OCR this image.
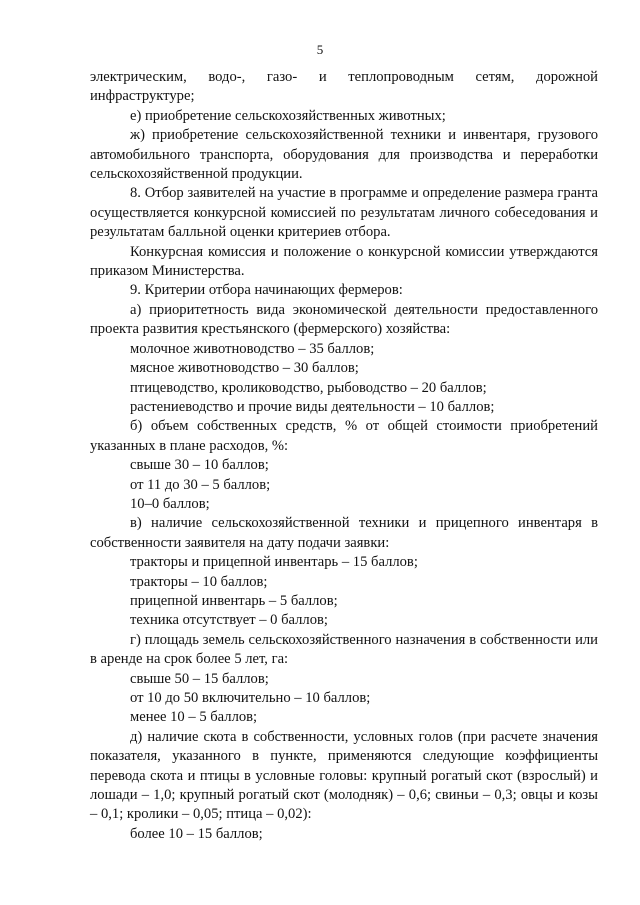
5

электрическим, водо-, газо- и теплопроводным сетям, дорожной инфраструктуре;

е) приобретение сельскохозяйственных животных;

ж) приобретение сельскохозяйственной техники и инвентаря, грузового автомобильного транспорта, оборудования для производства и переработки сельскохозяйственной продукции.

8. Отбор заявителей на участие в программе и определение размера гранта осуществляется конкурсной комиссией по результатам личного собеседования и результатам балльной оценки критериев отбора.

Конкурсная комиссия и положение о конкурсной комиссии утверждаются приказом Министерства.

9. Критерии отбора начинающих фермеров:

а) приоритетность вида экономической деятельности предоставленного проекта развития крестьянского (фермерского) хозяйства:

молочное животноводство – 35 баллов;

мясное животноводство – 30 баллов;

птицеводство, кролиководство, рыбоводство – 20 баллов;

растениеводство и прочие виды деятельности – 10 баллов;

б) объем собственных средств, % от общей стоимости приобретений указанных в плане расходов, %:

свыше 30 – 10 баллов;

от 11 до 30 – 5 баллов;

10–0 баллов;

в) наличие сельскохозяйственной техники и прицепного инвентаря в собственности заявителя на дату подачи заявки:

тракторы и прицепной инвентарь – 15 баллов;

тракторы – 10 баллов;

прицепной инвентарь – 5 баллов;

техника отсутствует – 0 баллов;

г) площадь земель сельскохозяйственного назначения в собственности или в аренде на срок более 5 лет, га:

свыше 50 – 15 баллов;

от 10 до 50 включительно – 10 баллов;

менее 10 – 5 баллов;

д) наличие скота в собственности, условных голов (при расчете значения показателя, указанного в пункте, применяются следующие коэффициенты перевода скота и птицы в условные головы: крупный рогатый скот (взрослый) и лошади – 1,0; крупный рогатый скот (молодняк) – 0,6; свиньи – 0,3; овцы и козы – 0,1; кролики – 0,05; птица – 0,02):

более 10 – 15 баллов;
